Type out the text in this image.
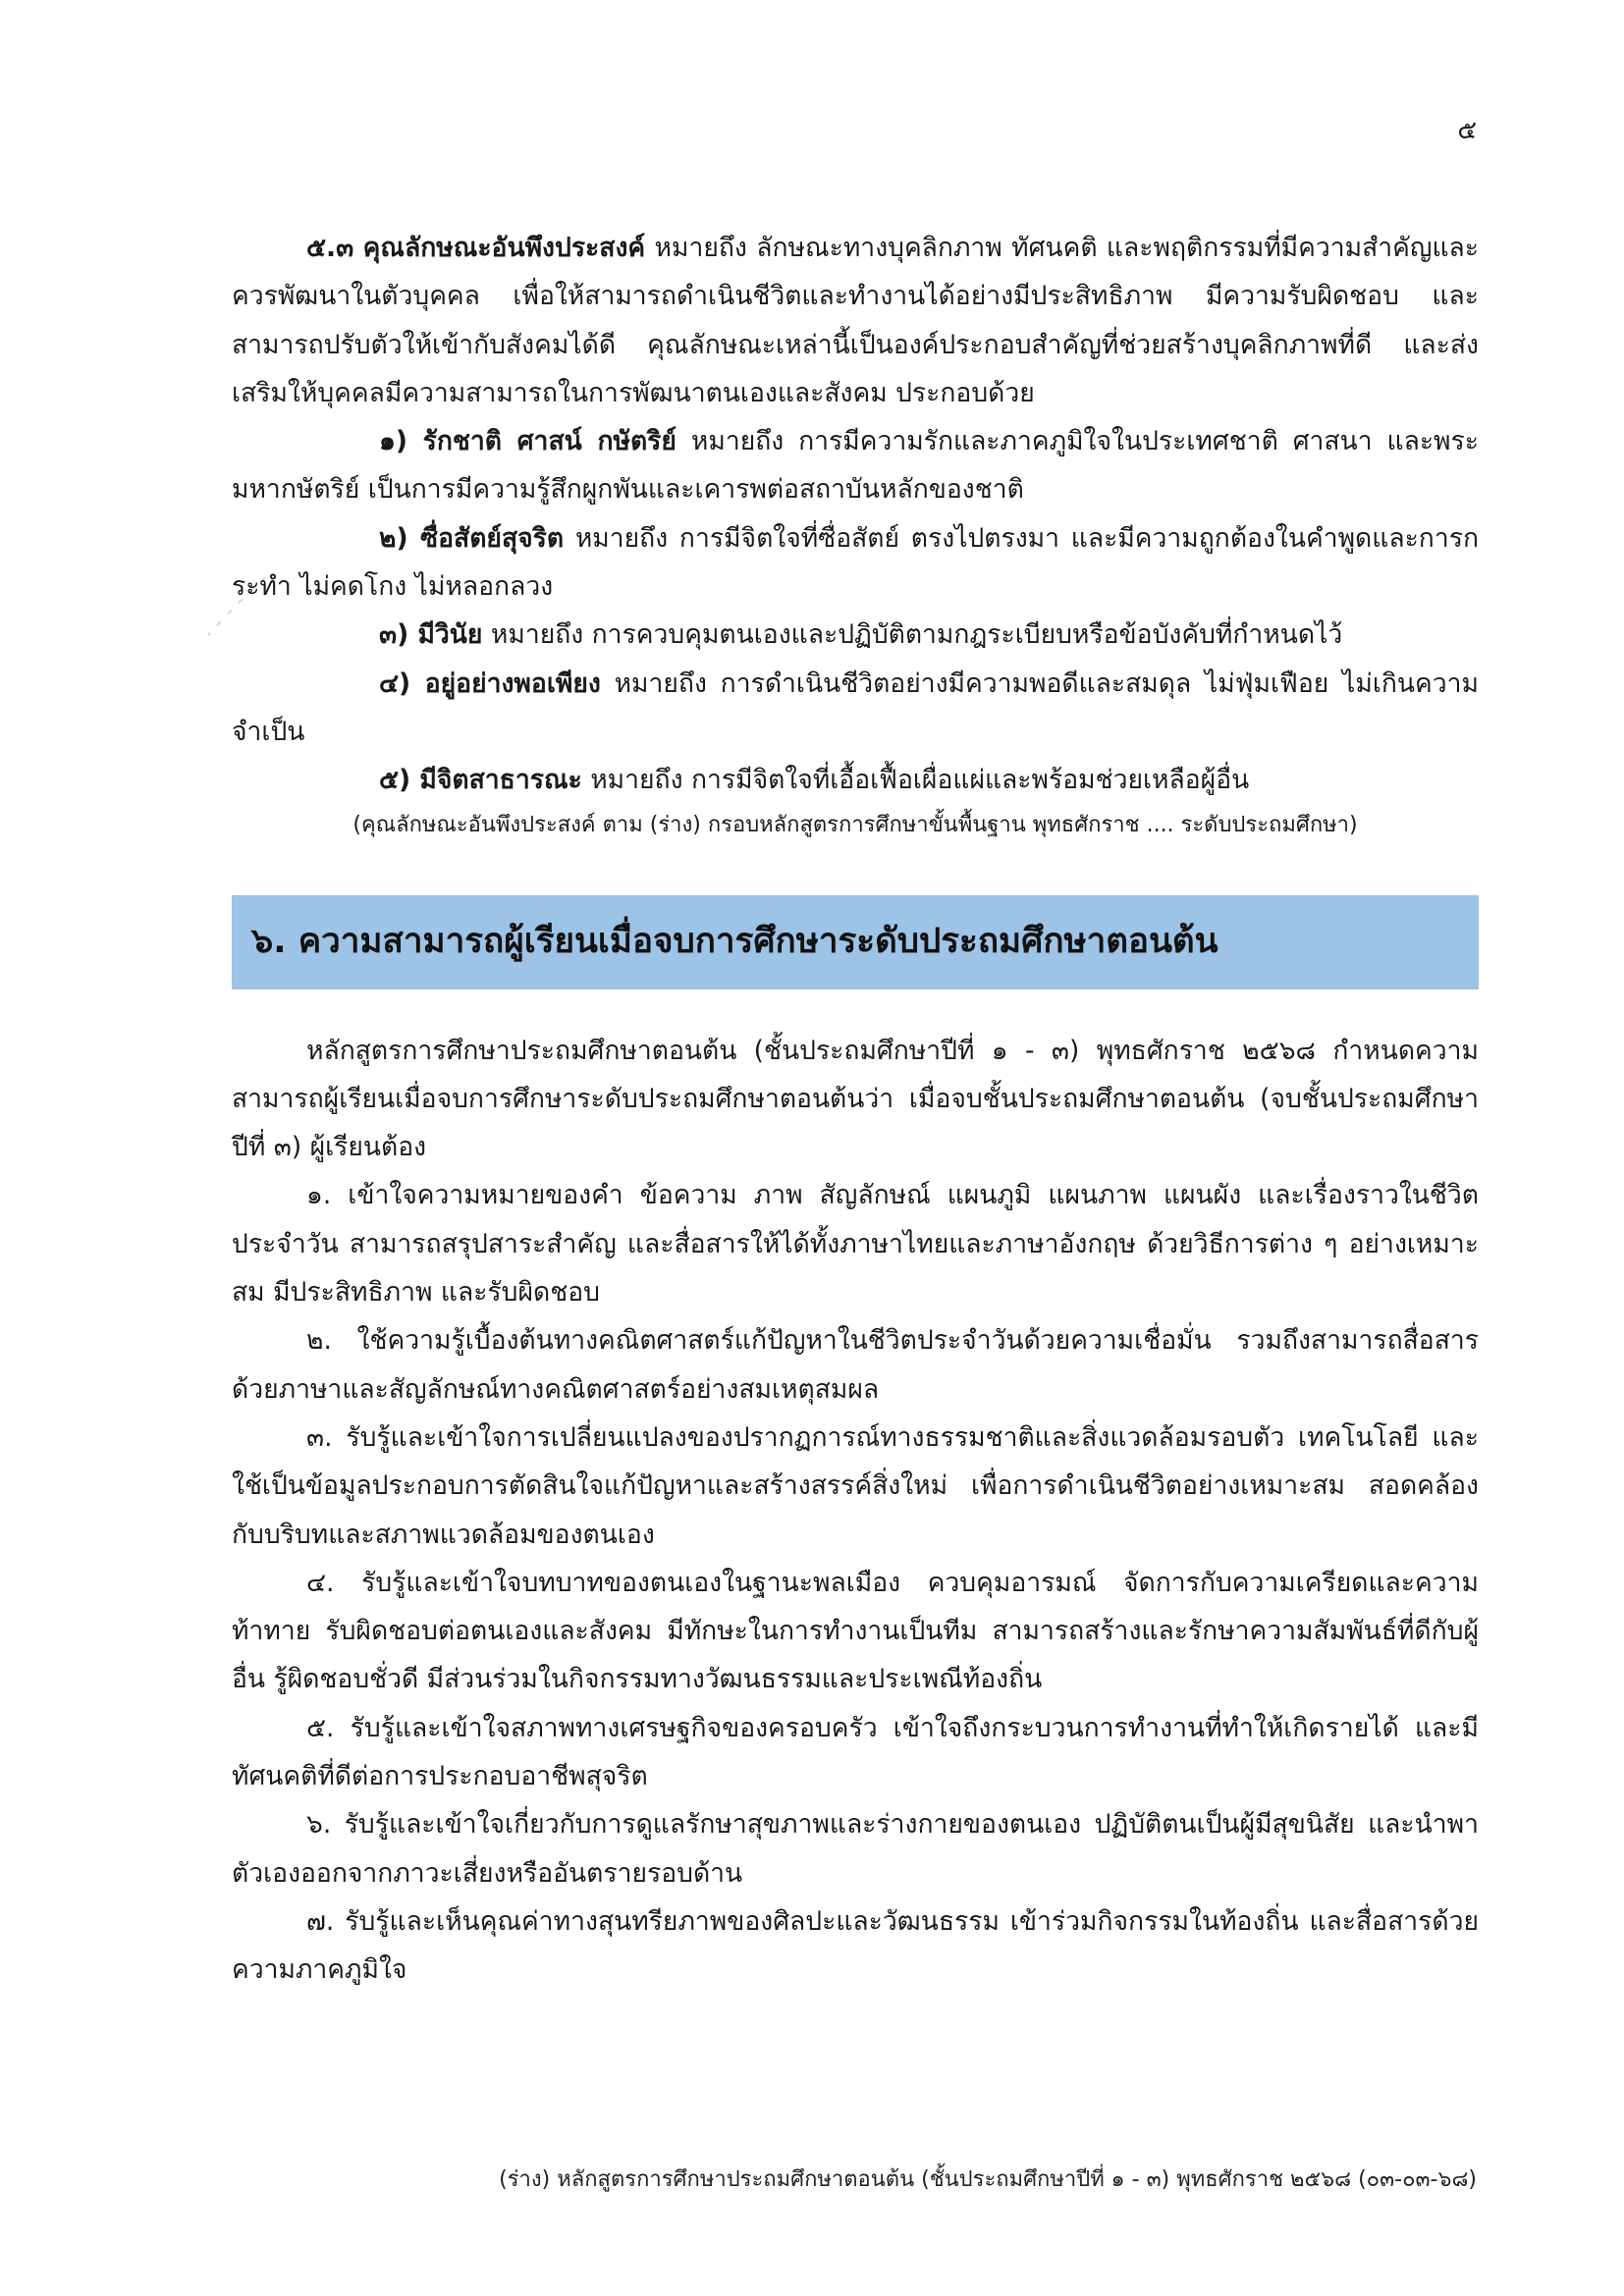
๕

๕.๓ คุณลักษณะอันพึงประสงค์ หมายถึง ลักษณะทางบุคลิกภาพ ทัศนคติ และพฤติกรรมที่มีความสำคัญและควรพัฒนาในตัวบุคคล เพื่อให้สามารถดำเนินชีวิตและทำงานได้อย่างมีประสิทธิภาพ มีความรับผิดชอบ และสามารถปรับตัวให้เข้ากับสังคมได้ดี คุณลักษณะเหล่านี้เป็นองค์ประกอบสำคัญที่ช่วยสร้างบุคลิกภาพที่ดี และส่งเสริมให้บุคคลมีความสามารถในการพัฒนาตนเองและสังคม ประกอบด้วย

๑) รักชาติ ศาสน์ กษัตริย์ หมายถึง การมีความรักและภาคภูมิใจในประเทศชาติ ศาสนา และพระมหากษัตริย์ เป็นการมีความรู้สึกผูกพันและเคารพต่อสถาบันหลักของชาติ

๒) ซื่อสัตย์สุจริต หมายถึง การมีจิตใจที่ซื่อสัตย์ ตรงไปตรงมา และมีความถูกต้องในคำพูดและการกระทำ ไม่คดโกง ไม่หลอกลวง

๓) มีวินัย หมายถึง การควบคุมตนเองและปฏิบัติตามกฎระเบียบหรือข้อบังคับที่กำหนดไว้

๔) อยู่อย่างพอเพียง หมายถึง การดำเนินชีวิตอย่างมีความพอดีและสมดุล ไม่ฟุ่มเฟือย ไม่เกินความจำเป็น

๕) มีจิตสาธารณะ หมายถึง การมีจิตใจที่เอื้อเฟื้อเผื่อแผ่และพร้อมช่วยเหลือผู้อื่น

(คุณลักษณะอันพึงประสงค์ ตาม (ร่าง) กรอบหลักสูตรการศึกษาขั้นพื้นฐาน พุทธศักราช .... ระดับประถมศึกษา)

๖. ความสามารถผู้เรียนเมื่อจบการศึกษาระดับประถมศึกษาตอนต้น

หลักสูตรการศึกษาประถมศึกษาตอนต้น (ชั้นประถมศึกษาปีที่ ๑ - ๓) พุทธศักราช ๒๕๖๘ กำหนดความสามารถผู้เรียนเมื่อจบการศึกษาระดับประถมศึกษาตอนต้นว่า เมื่อจบชั้นประถมศึกษาตอนต้น (จบชั้นประถมศึกษาปีที่ ๓) ผู้เรียนต้อง

๑. เข้าใจความหมายของคำ ข้อความ ภาพ สัญลักษณ์ แผนภูมิ แผนภาพ แผนผัง และเรื่องราวในชีวิตประจำวัน สามารถสรุปสาระสำคัญ และสื่อสารให้ได้ทั้งภาษาไทยและภาษาอังกฤษ ด้วยวิธีการต่าง ๆ อย่างเหมาะสม มีประสิทธิภาพ และรับผิดชอบ

๒. ใช้ความรู้เบื้องต้นทางคณิตศาสตร์แก้ปัญหาในชีวิตประจำวันด้วยความเชื่อมั่น รวมถึงสามารถสื่อสารด้วยภาษาและสัญลักษณ์ทางคณิตศาสตร์อย่างสมเหตุสมผล

๓. รับรู้และเข้าใจการเปลี่ยนแปลงของปรากฏการณ์ทางธรรมชาติและสิ่งแวดล้อมรอบตัว เทคโนโลยี และใช้เป็นข้อมูลประกอบการตัดสินใจแก้ปัญหาและสร้างสรรค์สิ่งใหม่ เพื่อการดำเนินชีวิตอย่างเหมาะสม สอดคล้องกับบริบทและสภาพแวดล้อมของตนเอง

๔. รับรู้และเข้าใจบทบาทของตนเองในฐานะพลเมือง ควบคุมอารมณ์ จัดการกับความเครียดและความท้าทาย รับผิดชอบต่อตนเองและสังคม มีทักษะในการทำงานเป็นทีม สามารถสร้างและรักษาความสัมพันธ์ที่ดีกับผู้อื่น รู้ผิดชอบชั่วดี มีส่วนร่วมในกิจกรรมทางวัฒนธรรมและประเพณีท้องถิ่น

๕. รับรู้และเข้าใจสภาพทางเศรษฐกิจของครอบครัว เข้าใจถึงกระบวนการทำงานที่ทำให้เกิดรายได้ และมีทัศนคติที่ดีต่อการประกอบอาชีพสุจริต

๖. รับรู้และเข้าใจเกี่ยวกับการดูแลรักษาสุขภาพและร่างกายของตนเอง ปฏิบัติตนเป็นผู้มีสุขนิสัย และนำพาตัวเองออกจากภาวะเสี่ยงหรืออันตรายรอบด้าน

๗. รับรู้และเห็นคุณค่าทางสุนทรียภาพของศิลปะและวัฒนธรรม เข้าร่วมกิจกรรมในท้องถิ่น และสื่อสารด้วยความภาคภูมิใจ

(ร่าง) หลักสูตรการศึกษาประถมศึกษาตอนต้น (ชั้นประถมศึกษาปีที่ ๑ - ๓) พุทธศักราช ๒๕๖๘ (๐๓-๐๓-๖๘)
